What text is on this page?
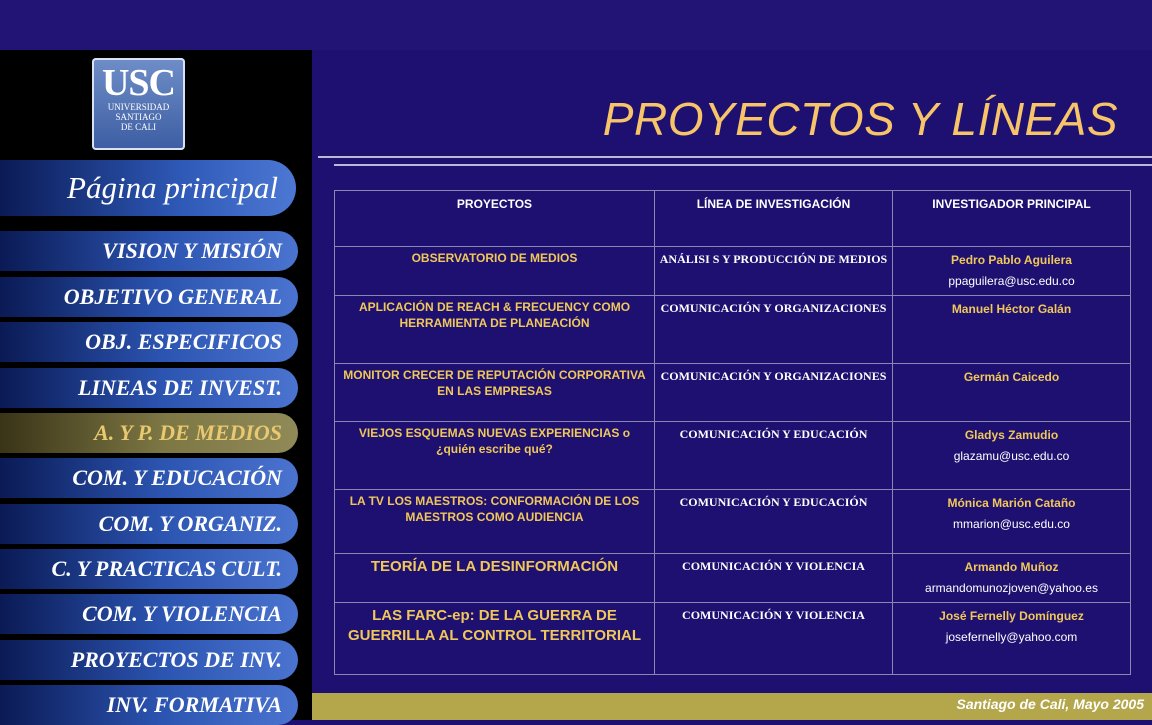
USC
UNIVERSIDAD
SANTIAGO
DE CALI
Página principal
VISION Y MISIÓN
OBJETIVO GENERAL
OBJ. ESPECIFICOS
LINEAS DE INVEST.
A. Y P. DE MEDIOS
COM. Y EDUCACIÓN
COM. Y ORGANIZ.
C. Y PRACTICAS CULT.
COM. Y VIOLENCIA
PROYECTOS DE INV.
INV. FORMATIVA
PROYECTOS Y LÍNEAS
PROYECTOS	LÍNEA DE INVESTIGACIÓN	INVESTIGADOR PRINCIPAL
OBSERVATORIO DE MEDIOS	ANÁLISI S Y PRODUCCIÓN DE MEDIOS	Pedro Pablo Aguilera
ppaguilera@usc.edu.co

APLICACIÓN DE REACH & FRECUENCY COMO HERRAMIENTA DE PLANEACIÓN	COMUNICACIÓN Y ORGANIZACIONES	Manuel Héctor Galán

MONITOR CRECER DE REPUTACIÓN CORPORATIVA EN LAS EMPRESAS	COMUNICACIÓN Y ORGANIZACIONES	Germán Caicedo

VIEJOS ESQUEMAS NUEVAS EXPERIENCIAS o ¿quién escribe qué?	COMUNICACIÓN Y EDUCACIÓN	Gladys Zamudio
glazamu@usc.edu.co

LA TV LOS MAESTROS: CONFORMACIÓN DE LOS MAESTROS COMO AUDIENCIA	COMUNICACIÓN Y EDUCACIÓN	Mónica Marión Cataño
mmarion@usc.edu.co

TEORÍA DE LA DESINFORMACIÓN	COMUNICACIÓN Y VIOLENCIA	Armando Muñoz
armandomunozjoven@yahoo.es

LAS FARC-ep: DE LA GUERRA DE GUERRILLA AL CONTROL TERRITORIAL	COMUNICACIÓN Y VIOLENCIA	José Fernelly Domínguez
josefernelly@yahoo.com
Santiago de Cali, Mayo 2005
